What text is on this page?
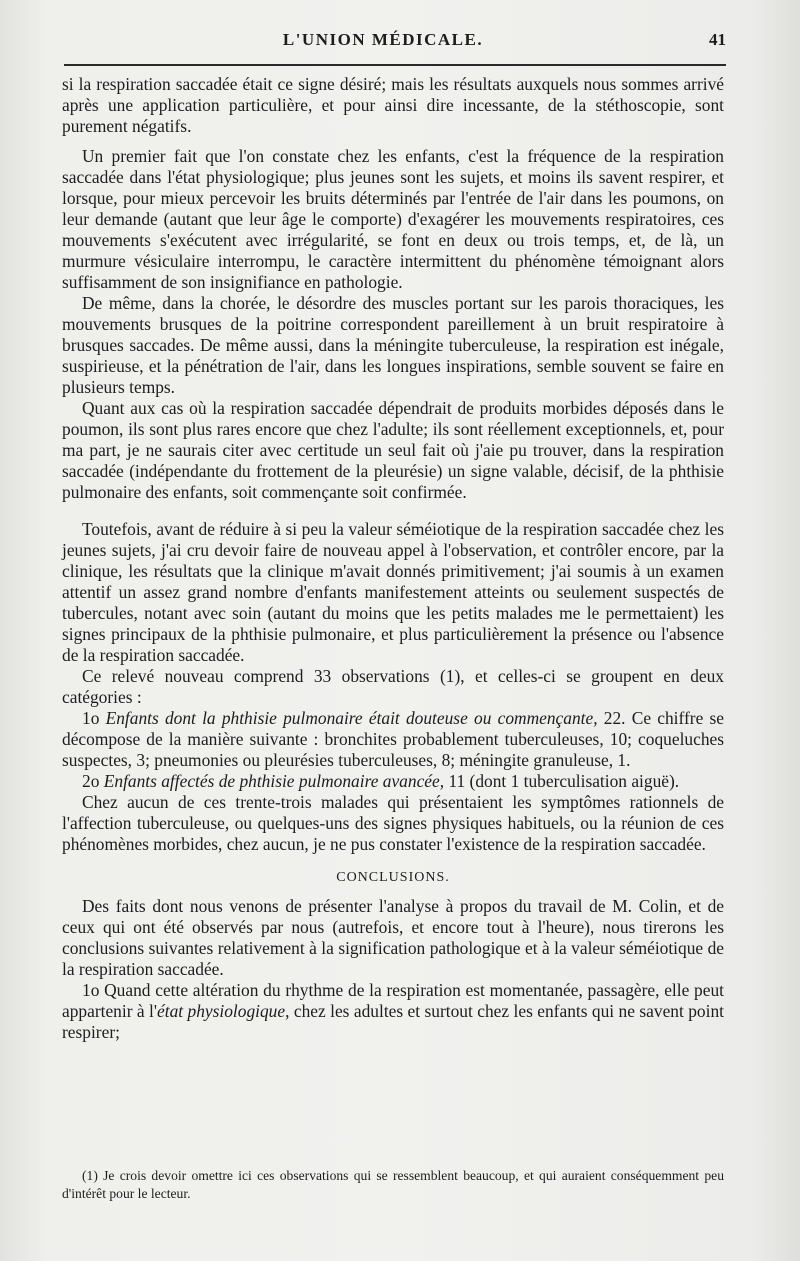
L'UNION MÉDICALE.	41

si la respiration saccadée était ce signe désiré; mais les résultats auxquels nous sommes arrivé après une application particulière, et pour ainsi dire incessante, de la stéthoscopie, sont purement négatifs.

Un premier fait que l'on constate chez les enfants, c'est la fréquence de la respiration saccadée dans l'état physiologique; plus jeunes sont les sujets, et moins ils savent respirer, et lorsque, pour mieux percevoir les bruits déterminés par l'entrée de l'air dans les poumons, on leur demande (autant que leur âge le comporte) d'exagérer les mouvements respiratoires, ces mouvements s'exécutent avec irrégularité, se font en deux ou trois temps, et, de là, un murmure vésiculaire interrompu, le caractère intermittent du phénomène témoignant alors suffisamment de son insignifiance en pathologie.

De même, dans la chorée, le désordre des muscles portant sur les parois thoraciques, les mouvements brusques de la poitrine correspondent pareillement à un bruit respiratoire à brusques saccades. De même aussi, dans la méningite tuberculeuse, la respiration est inégale, suspirieuse, et la pénétration de l'air, dans les longues inspirations, semble souvent se faire en plusieurs temps.

Quant aux cas où la respiration saccadée dépendrait de produits morbides déposés dans le poumon, ils sont plus rares encore que chez l'adulte; ils sont réellement exceptionnels, et, pour ma part, je ne saurais citer avec certitude un seul fait où j'aie pu trouver, dans la respiration saccadée (indépendante du frottement de la pleurésie) un signe valable, décisif, de la phthisie pulmonaire des enfants, soit commençante soit confirmée.

Toutefois, avant de réduire à si peu la valeur séméiotique de la respiration saccadée chez les jeunes sujets, j'ai cru devoir faire de nouveau appel à l'observation, et contrôler encore, par la clinique, les résultats que la clinique m'avait donnés primitivement; j'ai soumis à un examen attentif un assez grand nombre d'enfants manifestement atteints ou seulement suspectés de tubercules, notant avec soin (autant du moins que les petits malades me le permettaient) les signes principaux de la phthisie pulmonaire, et plus particulièrement la présence ou l'absence de la respiration saccadée.

Ce relevé nouveau comprend 33 observations (1), et celles-ci se groupent en deux catégories :

1o Enfants dont la phthisie pulmonaire était douteuse ou commençante, 22. Ce chiffre se décompose de la manière suivante : bronchites probablement tuberculeuses, 10; coqueluches suspectes, 3; pneumonies ou pleurésies tuberculeuses, 8; méningite granuleuse, 1.

2o Enfants affectés de phthisie pulmonaire avancée, 11 (dont 1 tuberculisation aiguë).

Chez aucun de ces trente-trois malades qui présentaient les symptômes rationnels de l'affection tuberculeuse, ou quelques-uns des signes physiques habituels, ou la réunion de ces phénomènes morbides, chez aucun, je ne pus constater l'existence de la respiration saccadée.

CONCLUSIONS.

Des faits dont nous venons de présenter l'analyse à propos du travail de M. Colin, et de ceux qui ont été observés par nous (autrefois, et encore tout à l'heure), nous tirerons les conclusions suivantes relativement à la signification pathologique et à la valeur séméiotique de la respiration saccadée.

1o Quand cette altération du rhythme de la respiration est momentanée, passagère, elle peut appartenir à l'état physiologique, chez les adultes et surtout chez les enfants qui ne savent point respirer;

(1) Je crois devoir omettre ici ces observations qui se ressemblent beaucoup, et qui auraient conséquemment peu d'intérêt pour le lecteur.
